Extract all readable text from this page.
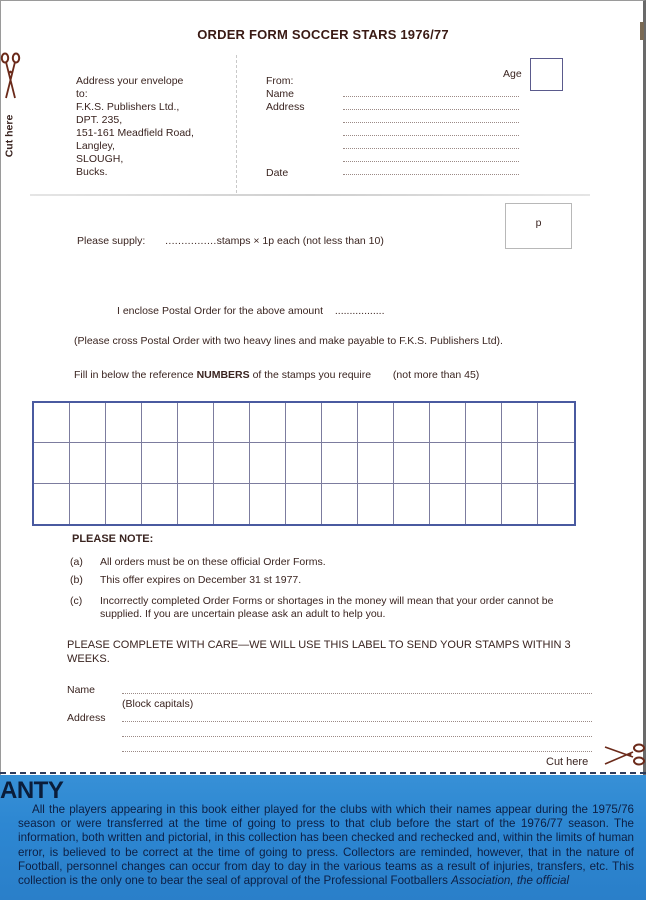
ORDER FORM SOCCER STARS 1976/77
Cut here
Address your envelope
to:
F.K.S. Publishers Ltd.,
DPT. 235,
151-161 Meadfield Road,
Langley,
SLOUGH,
Bucks.
From:
Name
Address
Date
Age
Please supply: ................stamps × 1p each (not less than 10)
p
I enclose Postal Order for the above amount .................
(Please cross Postal Order with two heavy lines and make payable to F.K.S. Publishers Ltd).
Fill in below the reference NUMBERS of the stamps you require (not more than 45)
PLEASE NOTE:
(a) All orders must be on these official Order Forms.
(b) This offer expires on December 31 st 1977.
(c) Incorrectly completed Order Forms or shortages in the money will mean that your order cannot be supplied. If you are uncertain please ask an adult to help you.
PLEASE COMPLETE WITH CARE—WE WILL USE THIS LABEL TO SEND YOUR STAMPS WITHIN 3 WEEKS.
Name
(Block capitals)
Address
Cut here
ANTY
All the players appearing in this book either played for the clubs with which their names appear during the 1975/76 season or were transferred at the time of going to press to that club before the start of the 1976/77 season. The information, both written and pictorial, in this collection has been checked and rechecked and, within the limits of human error, is believed to be correct at the time of going to press. Collectors are reminded, however, that in the nature of Football, personnel changes can occur from day to day in the various teams as a result of injuries, transfers, etc. This collection is the only one to bear the seal of approval of the Professional Footballers Association, the official
